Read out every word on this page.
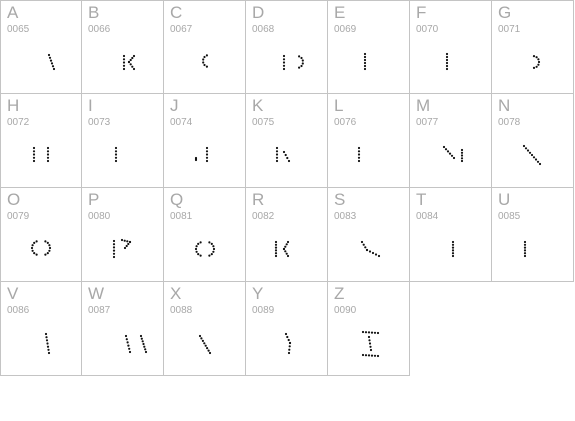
A
0065
B
0066
C
0067
D
0068
E
0069
F
0070
G
0071
H
0072
I
0073
J
0074
K
0075
L
0076
M
0077
N
0078
O
0079
P
0080
Q
0081
R
0082
S
0083
T
0084
U
0085
V
0086
W
0087
X
0088
Y
0089
Z
0090
